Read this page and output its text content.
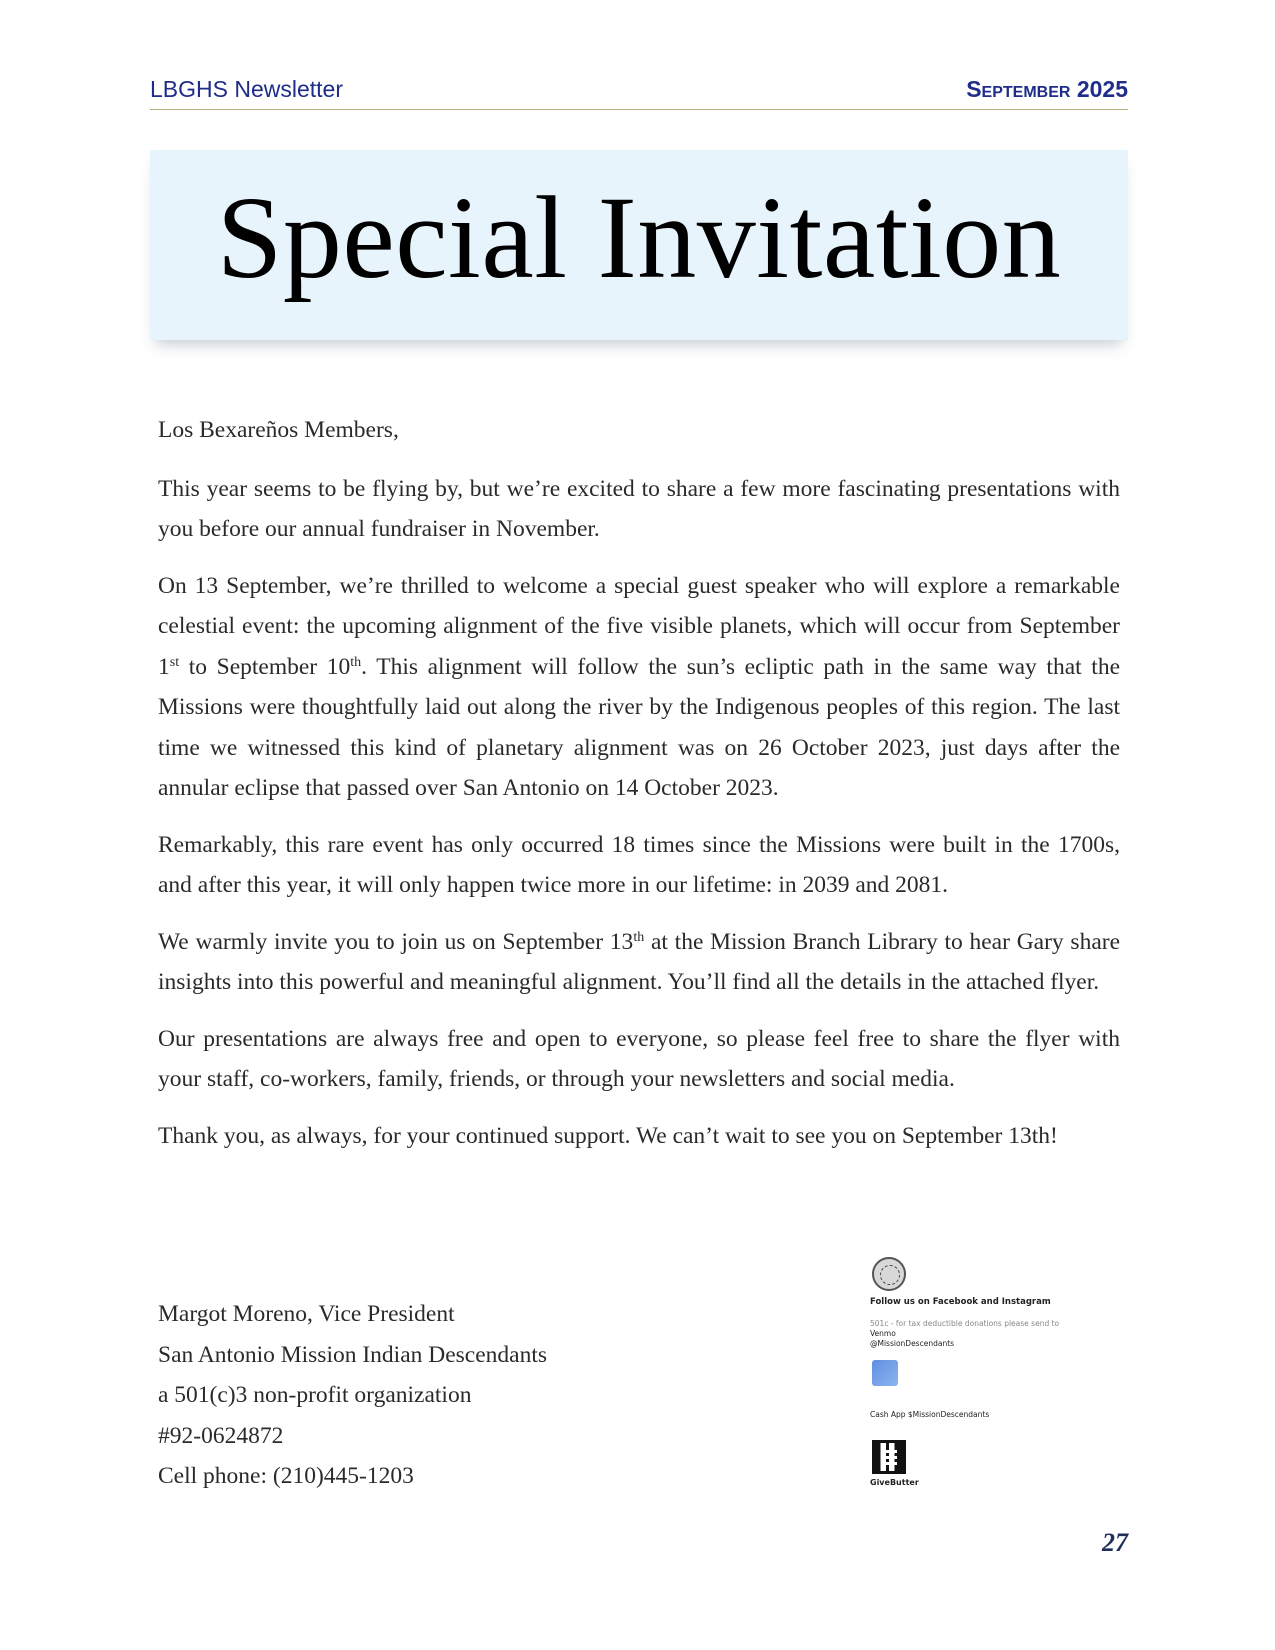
LBGHS Newsletter	September 2025
Special Invitation

Los Bexareños Members,

This year seems to be flying by, but we’re excited to share a few more fascinating presentations with you before our annual fundraiser in November.

On 13 September, we’re thrilled to welcome a special guest speaker who will explore a remarkable celestial event: the upcoming alignment of the five visible planets, which will occur from September 1st to September 10th. This alignment will follow the sun’s ecliptic path in the same way that the Missions were thoughtfully laid out along the river by the Indigenous peoples of this region. The last time we witnessed this kind of planetary alignment was on 26 October 2023, just days after the annular eclipse that passed over San Antonio on 14 October 2023.

Remarkably, this rare event has only occurred 18 times since the Missions were built in the 1700s, and after this year, it will only happen twice more in our lifetime: in 2039 and 2081.

We warmly invite you to join us on September 13th at the Mission Branch Library to hear Gary share insights into this powerful and meaningful alignment. You’ll find all the details in the attached flyer.

Our presentations are always free and open to everyone, so please feel free to share the flyer with your staff, co-workers, family, friends, or through your newsletters and social media.

Thank you, as always, for your continued support. We can’t wait to see you on September 13th!

Margot Moreno, Vice President
San Antonio Mission Indian Descendants
a 501(c)3 non-profit organization
#92-0624872
Cell phone: (210)445-1203
Follow us on Facebook and Instagram
501c - for tax deductible donations please send to
Venmo
@MissionDescendants
Cash App $MissionDescendants
GiveButter
27
